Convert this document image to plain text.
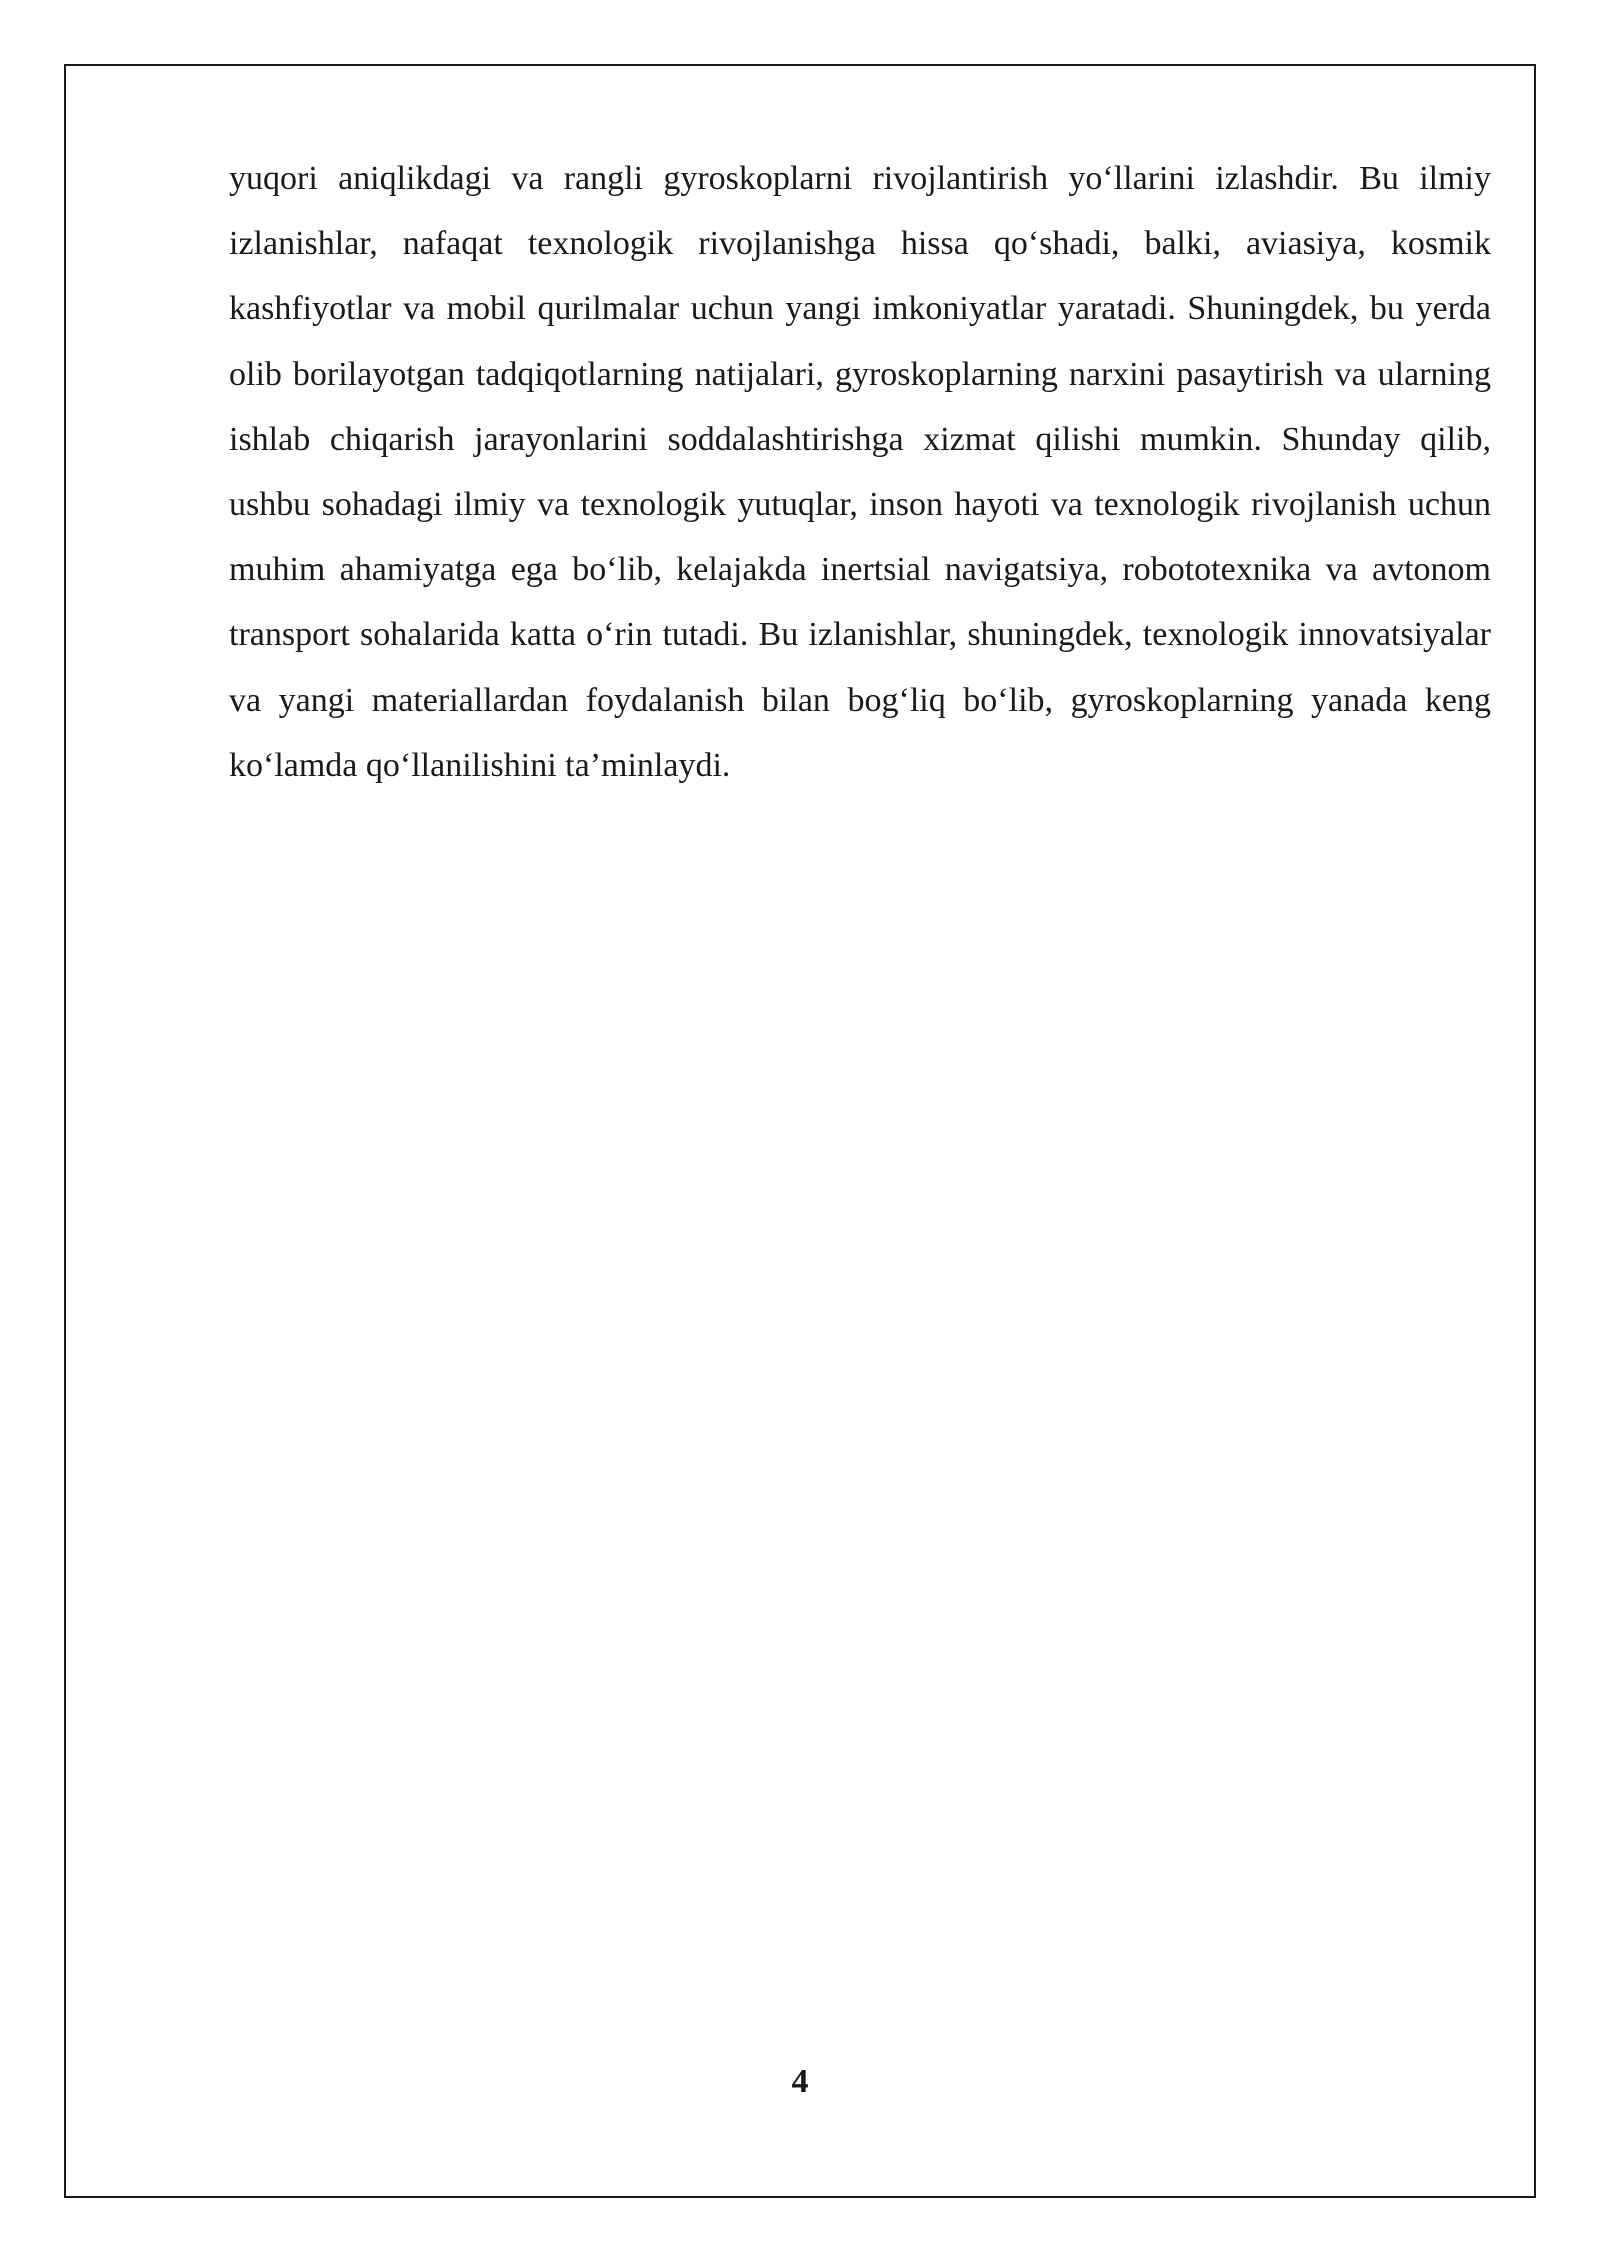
yuqori aniqlikdagi va rangli gyroskoplarni rivojlantirish yo‘llarini izlashdir. Bu ilmiy izlanishlar, nafaqat texnologik rivojlanishga hissa qo‘shadi, balki, aviasiya, kosmik kashfiyotlar va mobil qurilmalar uchun yangi imkoniyatlar yaratadi. Shuningdek, bu yerda olib borilayotgan tadqiqotlarning natijalari, gyroskoplarning narxini pasaytirish va ularning ishlab chiqarish jarayonlarini soddalashtirishga xizmat qilishi mumkin. Shunday qilib, ushbu sohadagi ilmiy va texnologik yutuqlar, inson hayoti va texnologik rivojlanish uchun muhim ahamiyatga ega bo‘lib, kelajakda inertsial navigatsiya, robototexnika va avtonom transport sohalarida katta o‘rin tutadi. Bu izlanishlar, shuningdek, texnologik innovatsiyalar va yangi materiallardan foydalanish bilan bog‘liq bo‘lib, gyroskoplarning yanada keng ko‘lamda qo‘llanilishini ta’minlaydi.

4
